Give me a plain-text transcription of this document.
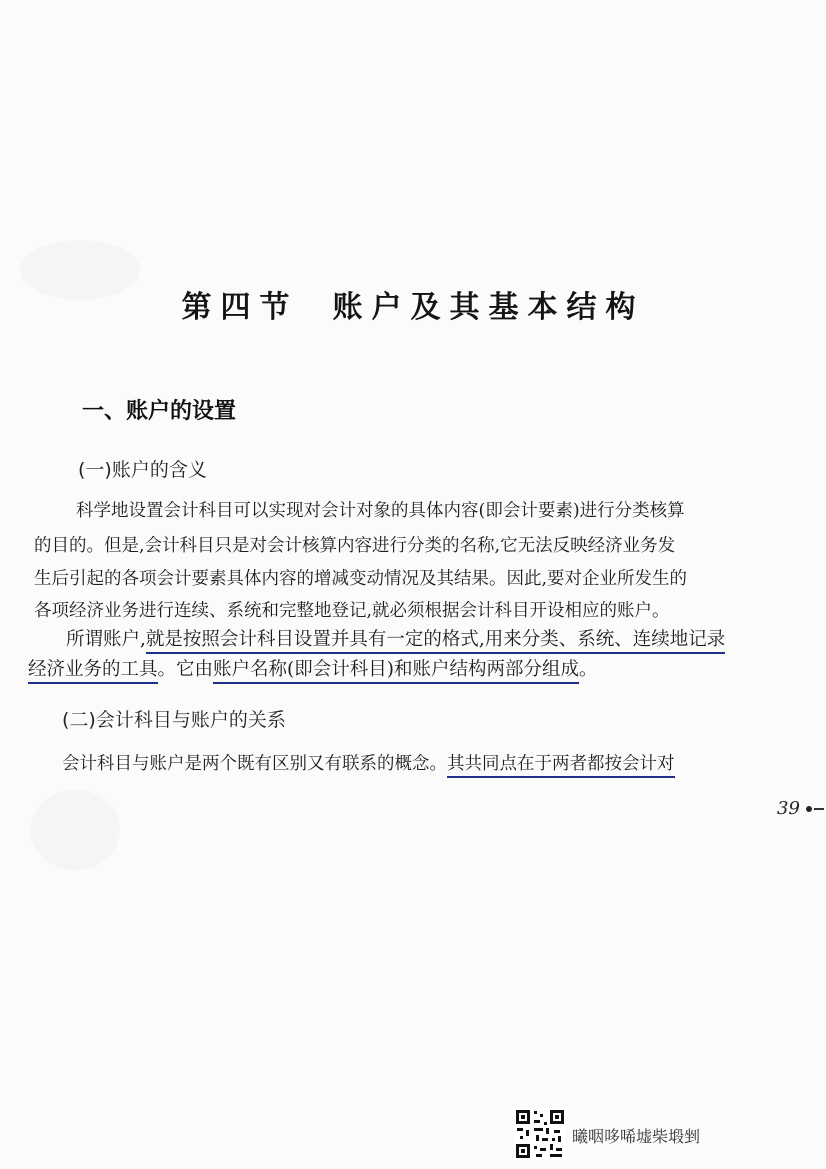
第四节 账户及其基本结构
一、账户的设置
(一)账户的含义
科学地设置会计科目可以实现对会计对象的具体内容(即会计要素)进行分类核算
的目的。但是,会计科目只是对会计核算内容进行分类的名称,它无法反映经济业务发
生后引起的各项会计要素具体内容的增减变动情况及其结果。因此,要对企业所发生的
各项经济业务进行连续、系统和完整地登记,就必须根据会计科目开设相应的账户。
所谓账户,就是按照会计科目设置并具有一定的格式,用来分类、系统、连续地记录
经济业务的工具。它由账户名称(即会计科目)和账户结构两部分组成。
(二)会计科目与账户的关系
会计科目与账户是两个既有区别又有联系的概念。其共同点在于两者都按会计对
39
曦咽哆唏墟柴塅剉
